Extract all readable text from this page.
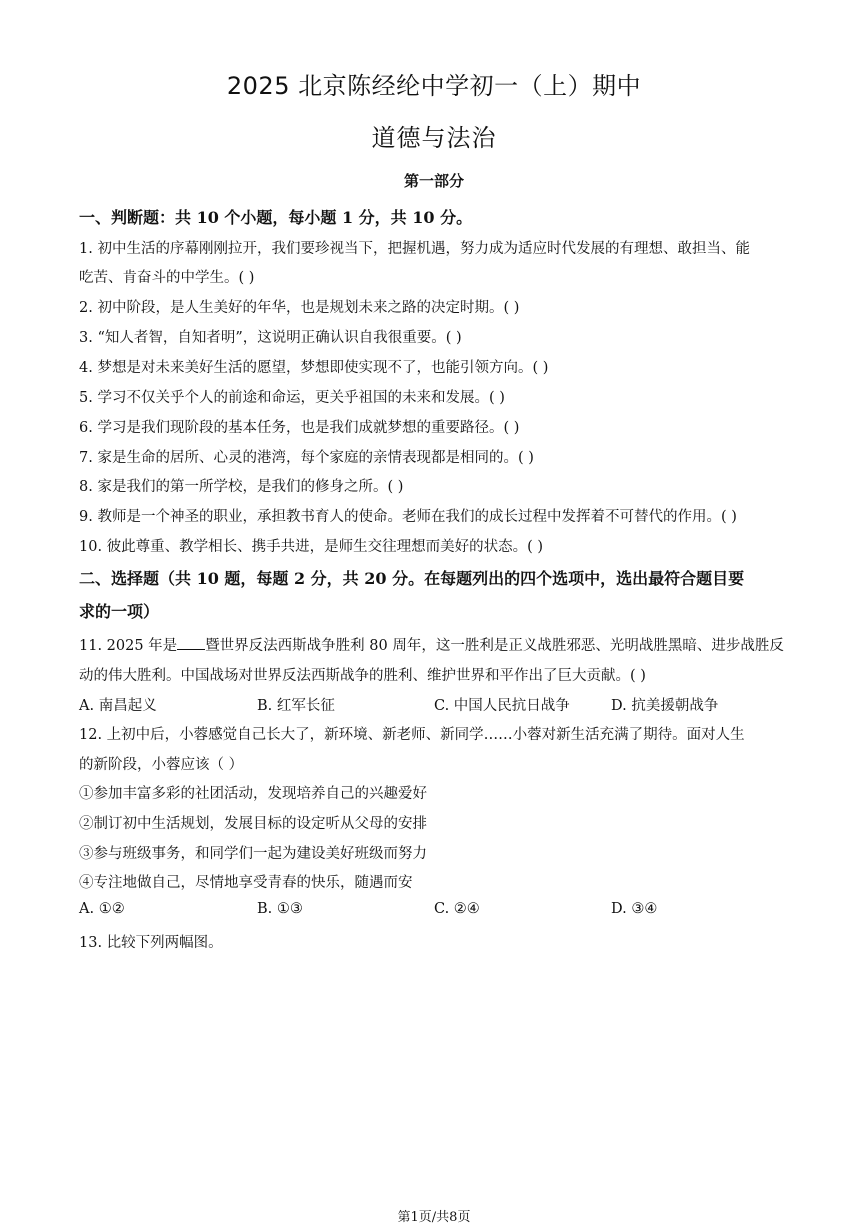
2025 北京陈经纶中学初一（上）期中
道德与法治
第一部分
一、判断题：共 10 个小题，每小题 1 分，共 10 分。
1. 初中生活的序幕刚刚拉开，我们要珍视当下，把握机遇，努力成为适应时代发展的有理想、敢担当、能
吃苦、肯奋斗的中学生。( )
2. 初中阶段，是人生美好的年华，也是规划未来之路的决定时期。( )
3. “知人者智，自知者明”，这说明正确认识自我很重要。( )
4. 梦想是对未来美好生活的愿望，梦想即使实现不了，也能引领方向。( )
5. 学习不仅关乎个人的前途和命运，更关乎祖国的未来和发展。( )
6. 学习是我们现阶段的基本任务，也是我们成就梦想的重要路径。( )
7. 家是生命的居所、心灵的港湾，每个家庭的亲情表现都是相同的。( )
8. 家是我们的第一所学校，是我们的修身之所。( )
9. 教师是一个神圣的职业，承担教书育人的使命。老师在我们的成长过程中发挥着不可替代的作用。( )
10. 彼此尊重、教学相长、携手共进，是师生交往理想而美好的状态。( )
二、选择题（共 10 题，每题 2 分，共 20 分。在每题列出的四个选项中，选出最符合题目要
求的一项）
11. 2025 年是 暨世界反法西斯战争胜利 80 周年，这一胜利是正义战胜邪恶、光明战胜黑暗、进步战胜反
动的伟大胜利。中国战场对世界反法西斯战争的胜利、维护世界和平作出了巨大贡献。( )
A. 南昌起义	B. 红军长征	C. 中国人民抗日战争	D. 抗美援朝战争
12. 上初中后，小蓉感觉自己长大了，新环境、新老师、新同学……小蓉对新生活充满了期待。面对人生
的新阶段，小蓉应该（ ）
①参加丰富多彩的社团活动，发现培养自己的兴趣爱好
②制订初中生活规划，发展目标的设定听从父母的安排
③参与班级事务，和同学们一起为建设美好班级而努力
④专注地做自己，尽情地享受青春的快乐，随遇而安
A. ①②	B. ①③	C. ②④	D. ③④
13. 比较下列两幅图。
第1页/共8页
